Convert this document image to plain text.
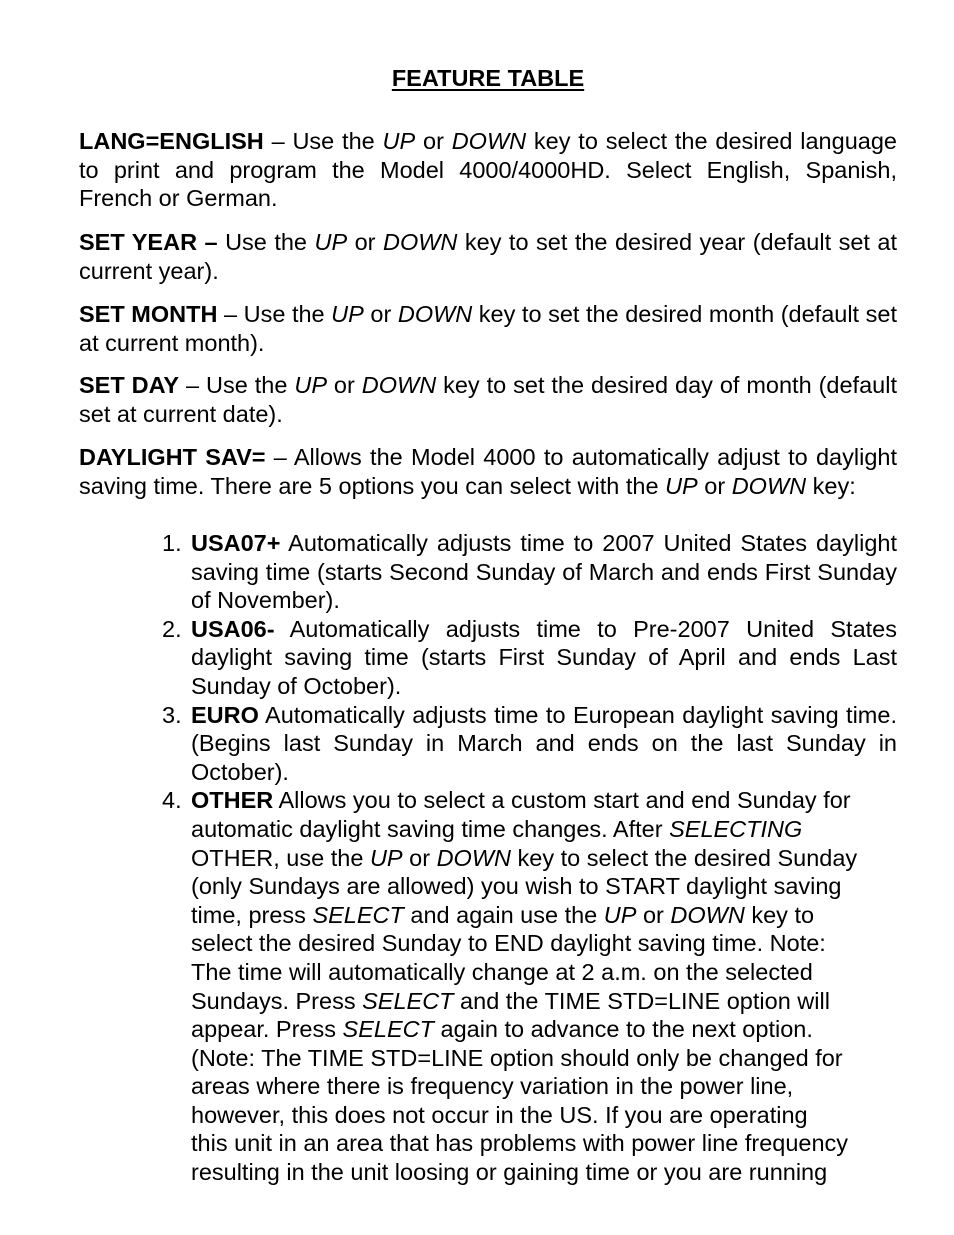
FEATURE TABLE

LANG=ENGLISH – Use the UP or DOWN key to select the desired language to print and program the Model 4000/4000HD. Select English, Spanish, French or German.

SET YEAR – Use the UP or DOWN key to set the desired year (default set at current year).

SET MONTH – Use the UP or DOWN key to set the desired month (default set at current month).

SET DAY – Use the UP or DOWN key to set the desired day of month (default set at current date).

DAYLIGHT SAV= – Allows the Model 4000 to automatically adjust to daylight saving time. There are 5 options you can select with the UP or DOWN key:

1. USA07+ Automatically adjusts time to 2007 United States daylight saving time (starts Second Sunday of March and ends First Sunday of November).
2. USA06- Automatically adjusts time to Pre-2007 United States daylight saving time (starts First Sunday of April and ends Last Sunday of October).
3. EURO Automatically adjusts time to European daylight saving time. (Begins last Sunday in March and ends on the last Sunday in October).
4. OTHER Allows you to select a custom start and end Sunday for
automatic daylight saving time changes. After SELECTING
OTHER, use the UP or DOWN key to select the desired Sunday
(only Sundays are allowed) you wish to START daylight saving
time, press SELECT and again use the UP or DOWN key to
select the desired Sunday to END daylight saving time. Note:
The time will automatically change at 2 a.m. on the selected
Sundays. Press SELECT and the TIME STD=LINE option will
appear. Press SELECT again to advance to the next option.
(Note: The TIME STD=LINE option should only be changed for
areas where there is frequency variation in the power line,
however, this does not occur in the US. If you are operating
this unit in an area that has problems with power line frequency
resulting in the unit loosing or gaining time or you are running
